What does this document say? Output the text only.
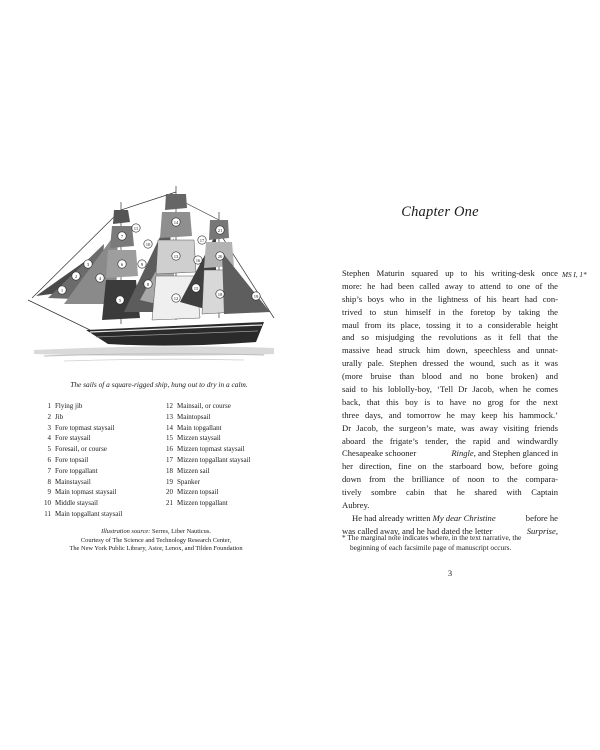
1
2
3
4
5
6
7
8
9
10
11
12
13
14
15
16
17
18	19
20
21
The sails of a square-rigged ship, hung out to dry in a calm.
1 Flying jib
2 Jib
3 Fore topmast staysail
4 Fore staysail
5 Foresail, or course
6 Fore topsail
7 Fore topgallant
8 Mainstaysail
9 Main topmast staysail
10 Middle staysail
11 Main topgallant staysail
12 Mainsail, or course
13 Maintopsail
14 Main topgallant
15 Mizzen staysail
16 Mizzen topmast staysail
17 Mizzen topgallant staysail
18 Mizzen sail
19 Spanker
20 Mizzen topsail
21 Mizzen topgallant
Illustration source: Serres, Liber Nauticus.
Courtesy of The Science and Technology Research Center,
The New York Public Library, Astor, Lenox, and Tilden Foundation
Chapter One
MS I, 1*
Stephen Maturin squared up to his writing-desk once
more: he had been called away to attend to one of the
ship’s boys who in the lightness of his heart had con-
trived to stun himself in the foretop by taking the
maul from its place, tossing it to a considerable height
and so misjudging the revolutions as it fell that the
massive head struck him down, speechless and unnat-
urally pale. Stephen dressed the wound, such as it was
(more bruise than blood and no bone broken) and
said to his loblolly-boy, ‘Tell Dr Jacob, when he comes
back, that this boy is to have no grog for the next
three days, and tomorrow he may keep his hammock.’
Dr Jacob, the surgeon’s mate, was away visiting friends
aboard the frigate’s tender, the rapid and windwardly
Chesapeake schooner	Ringle, and Stephen glanced in
her direction, fine on the starboard bow, before going
down from the brilliance of noon to the compara-
tively sombre cabin that he shared with Captain
Aubrey.
He had already written My dear Christine	before he
was called away, and he had dated the letter	Surprise,
* The marginal note indicates where, in the text narrative, the
beginning of each facsimile page of manuscript occurs.
3
